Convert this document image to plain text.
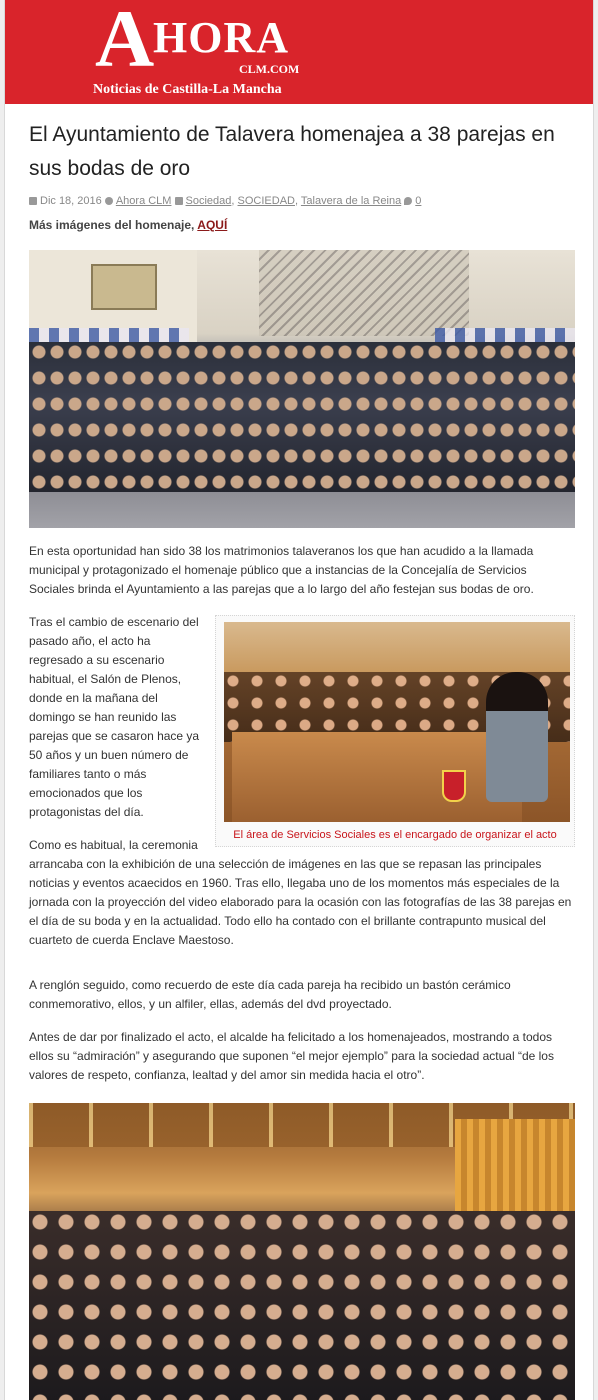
A HORA
CLM.COM
Noticias de Castilla-La Mancha
El Ayuntamiento de Talavera homenajea a 38 parejas en sus bodas de oro
Dic 18, 2016 Ahora CLM Sociedad, SOCIEDAD, Talavera de la Reina 0
Más imágenes del homenaje, AQUÍ

En esta oportunidad han sido 38 los matrimonios talaveranos los que han acudido a la llamada municipal y protagonizado el homenaje público que a instancias de la Concejalía de Servicios Sociales brinda el Ayuntamiento a las parejas que a lo largo del año festejan sus bodas de oro.

El área de Servicios Sociales es el encargado de organizar el acto

Tras el cambio de escenario del pasado año, el acto ha regresado a su escenario habitual, el Salón de Plenos, donde en la mañana del domingo se han reunido las parejas que se casaron hace ya 50 años y un buen número de familiares tanto o más emocionados que los protagonistas del día.

Como es habitual, la ceremonia arrancaba con la exhibición de una selección de imágenes en las que se repasan las principales noticias y eventos acaecidos en 1960. Tras ello, llegaba uno de los momentos más especiales de la jornada con la proyección del video elaborado para la ocasión con las fotografías de las 38 parejas en el día de su boda y en la actualidad. Todo ello ha contado con el brillante contrapunto musical del cuarteto de cuerda Enclave Maestoso.

A renglón seguido, como recuerdo de este día cada pareja ha recibido un bastón cerámico conmemorativo, ellos, y un alfiler, ellas, además del dvd proyectado.

Antes de dar por finalizado el acto, el alcalde ha felicitado a los homenajeados, mostrando a todos ellos su “admiración” y asegurando que suponen “el mejor ejemplo” para la sociedad actual “de los valores de respeto, confianza, lealtad y del amor sin medida hacia el otro”.
